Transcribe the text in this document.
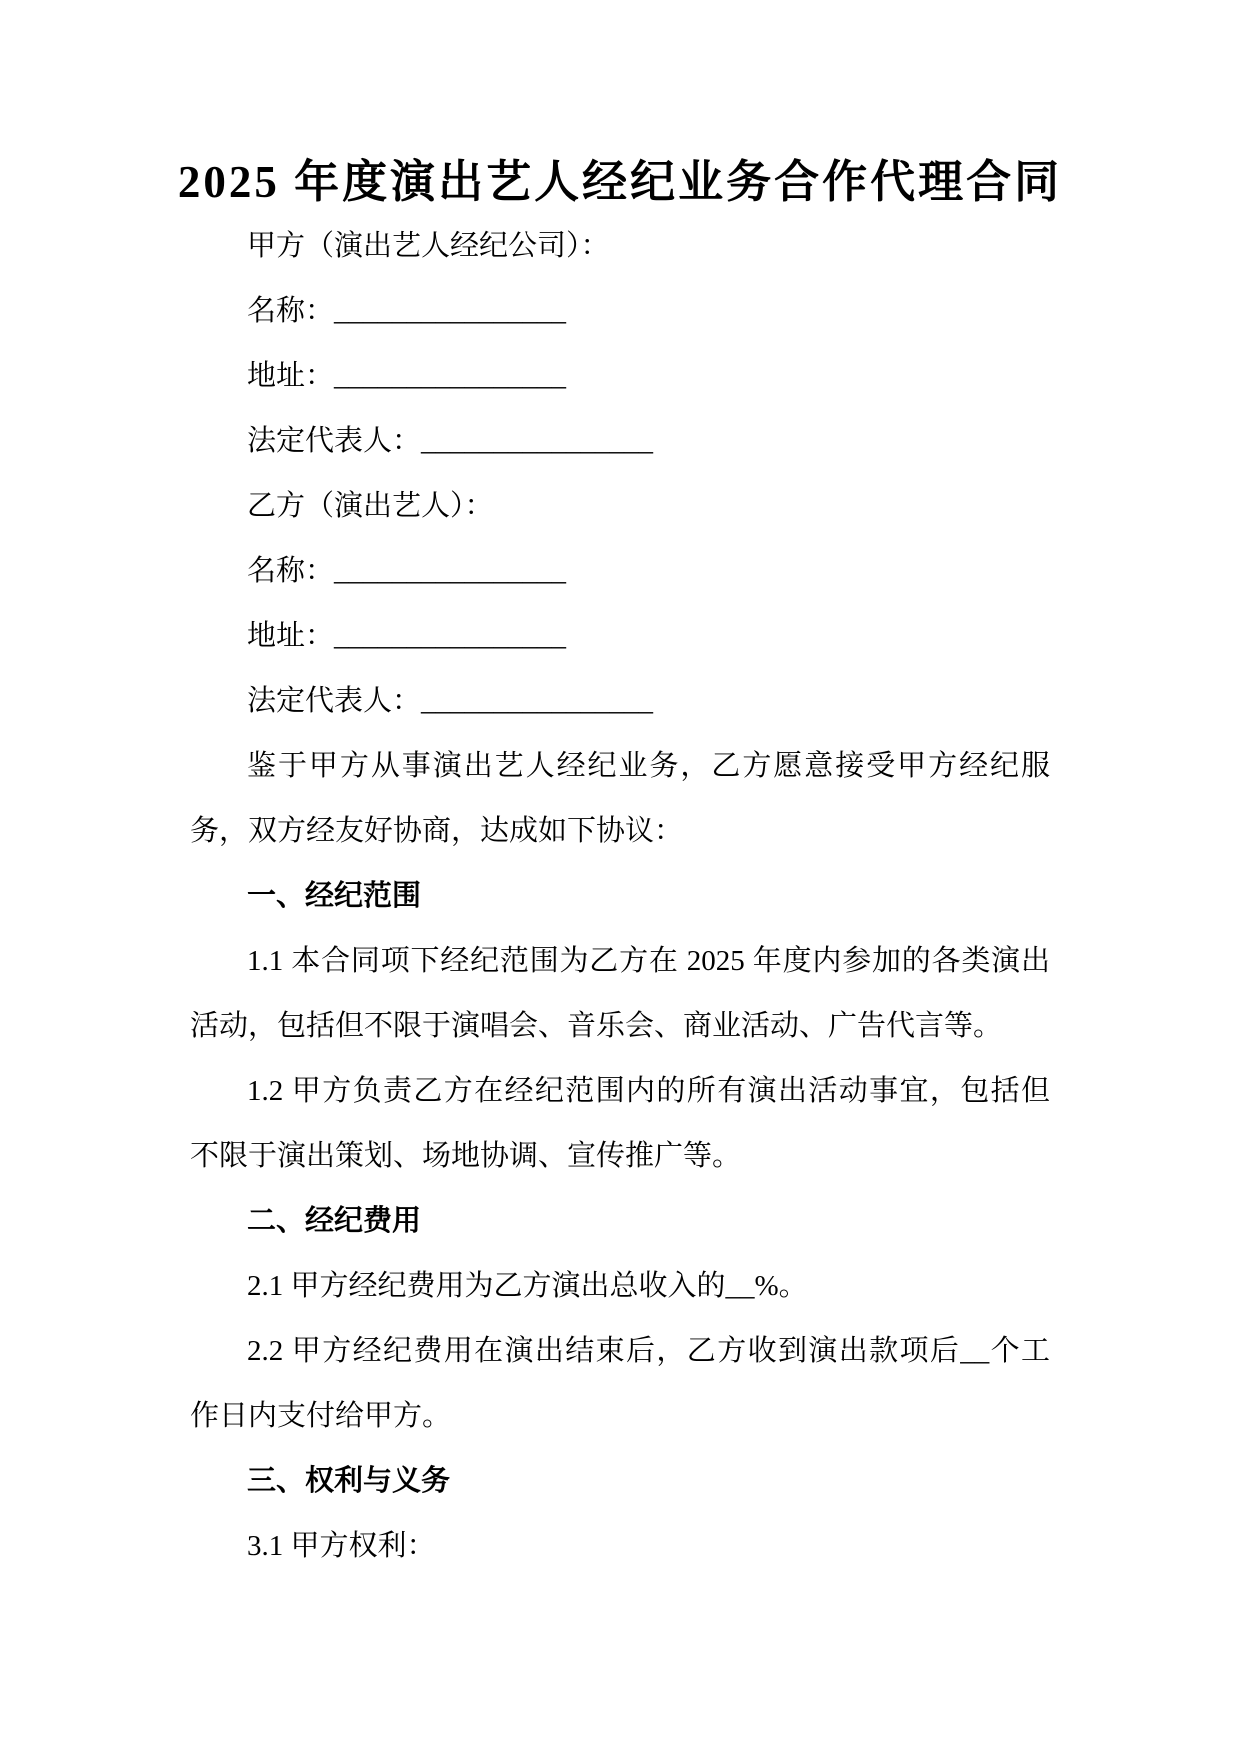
2025 年度演出艺人经纪业务合作代理合同
甲方（演出艺人经纪公司）：
名称：________________
地址：________________
法定代表人：________________
乙方（演出艺人）：
名称：________________
地址：________________
法定代表人：________________
鉴于甲方从事演出艺人经纪业务，乙方愿意接受甲方经纪服
务，双方经友好协商，达成如下协议：
一、经纪范围
1.1 本合同项下经纪范围为乙方在 2025 年度内参加的各类演出
活动，包括但不限于演唱会、音乐会、商业活动、广告代言等。
1.2 甲方负责乙方在经纪范围内的所有演出活动事宜，包括但
不限于演出策划、场地协调、宣传推广等。
二、经纪费用
2.1 甲方经纪费用为乙方演出总收入的__%。
2.2 甲方经纪费用在演出结束后，乙方收到演出款项后__个工
作日内支付给甲方。
三、权利与义务
3.1 甲方权利：
